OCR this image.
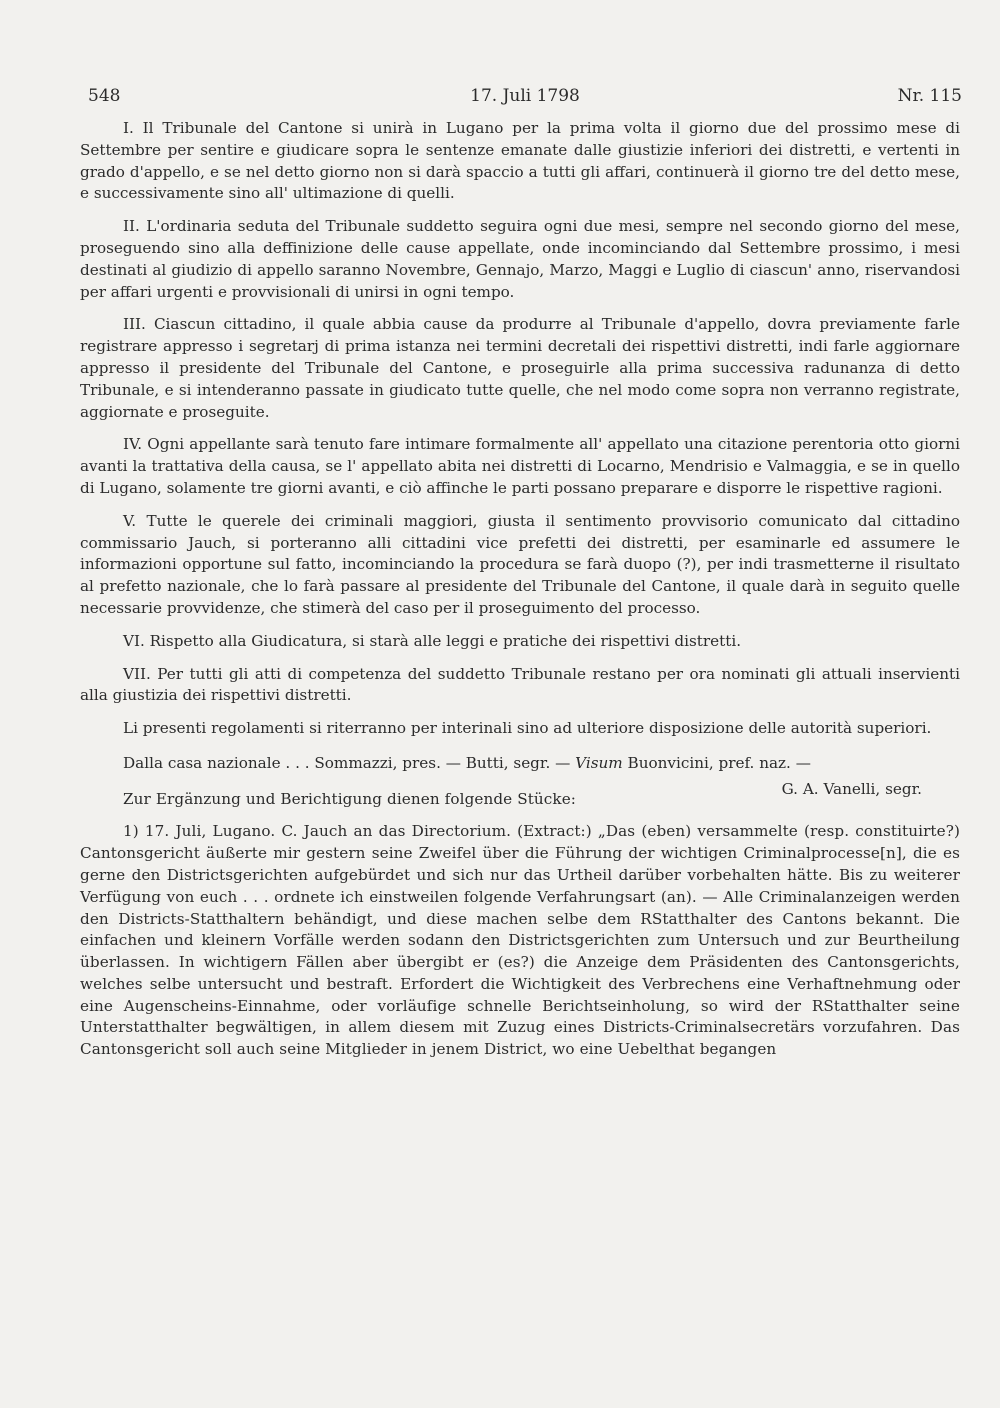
548	17. Juli 1798	Nr. 115

I. Il Tribunale del Cantone si unirà in Lugano per la prima volta il giorno due del prossimo mese di Settembre per sentire e giudicare sopra le sentenze emanate dalle giustizie inferiori dei distretti, e vertenti in grado d'appello, e se nel detto giorno non si darà spaccio a tutti gli affari, continuerà il giorno tre del detto mese, e successivamente sino all' ultimazione di quelli.

II. L'ordinaria seduta del Tribunale suddetto seguira ogni due mesi, sempre nel secondo giorno del mese, proseguendo sino alla deffinizione delle cause appellate, onde incominciando dal Settembre prossimo, i mesi destinati al giudizio di appello saranno Novembre, Gennajo, Marzo, Maggi e Luglio di ciascun' anno, riservandosi per affari urgenti e provvisionali di unirsi in ogni tempo.

III. Ciascun cittadino, il quale abbia cause da produrre al Tribunale d'appello, dovra previamente farle registrare appresso i segretarj di prima istanza nei termini decretali dei rispettivi distretti, indi farle aggiornare appresso il presidente del Tribunale del Cantone, e proseguirle alla prima successiva radunanza di detto Tribunale, e si intenderanno passate in giudicato tutte quelle, che nel modo come sopra non verranno registrate, aggiornate e proseguite.

IV. Ogni appellante sarà tenuto fare intimare formalmente all' appellato una citazione perentoria otto giorni avanti la trattativa della causa, se l' appellato abita nei distretti di Locarno, Mendrisio e Valmaggia, e se in quello di Lugano, solamente tre giorni avanti, e ciò affinche le parti possano preparare e disporre le rispettive ragioni.

V. Tutte le querele dei criminali maggiori, giusta il sentimento provvisorio comunicato dal cittadino commissario Jauch, si porteranno alli cittadini vice prefetti dei distretti, per esaminarle ed assumere le informazioni opportune sul fatto, incominciando la procedura se farà duopo (?), per indi trasmetterne il risultato al prefetto nazionale, che lo farà passare al presidente del Tribunale del Cantone, il quale darà in seguito quelle necessarie provvidenze, che stimerà del caso per il proseguimento del processo.

VI. Rispetto alla Giudicatura, si starà alle leggi e pratiche dei rispettivi distretti.

VII. Per tutti gli atti di competenza del suddetto Tribunale restano per ora nominati gli attuali inservienti alla giustizia dei rispettivi distretti.

Li presenti regolamenti si riterranno per interinali sino ad ulteriore disposizione delle autorità superiori.

Dalla casa nazionale . . . Sommazzi, pres. — Butti, segr. — Visum Buonvicini, pref. naz. —

G. A. Vanelli, segr.

Zur Ergänzung und Berichtigung dienen folgende Stücke:

1) 17. Juli, Lugano. C. Jauch an das Directorium. (Extract:) „Das (eben) versammelte (resp. constituirte?) Cantonsgericht äußerte mir gestern seine Zweifel über die Führung der wichtigen Criminalprocesse[n], die es gerne den Districtsgerichten aufgebürdet und sich nur das Urtheil darüber vorbehalten hätte. Bis zu weiterer Verfügung von euch . . . ordnete ich einstweilen folgende Verfahrungsart (an). — Alle Criminalanzeigen werden den Districts-Statthaltern behändigt, und diese machen selbe dem RStatthalter des Cantons bekannt. Die einfachen und kleinern Vorfälle werden sodann den Districtsgerichten zum Untersuch und zur Beurtheilung überlassen. In wichtigern Fällen aber übergibt er (es?) die Anzeige dem Präsidenten des Cantonsgerichts, welches selbe untersucht und bestraft. Erfordert die Wichtigkeit des Verbrechens eine Verhaftnehmung oder eine Augenscheins-Einnahme, oder vorläufige schnelle Berichtseinholung, so wird der RStatthalter seine Unterstatthalter begwältigen, in allem diesem mit Zuzug eines Districts-Criminalsecretärs vorzufahren. Das Cantonsgericht soll auch seine Mitglieder in jenem District, wo eine Uebelthat begangen
